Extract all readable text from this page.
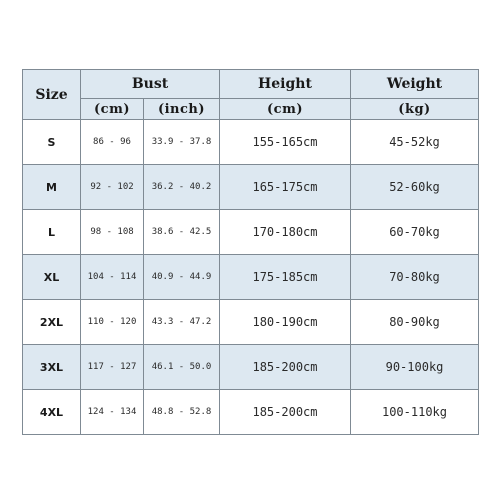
Size	Bust		Height	Weight
	(cm)	(inch)	(cm)	(kg)
S	86 - 96	33.9 - 37.8	155-165cm	45-52kg
M	92 - 102	36.2 - 40.2	165-175cm	52-60kg
L	98 - 108	38.6 - 42.5	170-180cm	60-70kg
XL	104 - 114	40.9 - 44.9	175-185cm	70-80kg
2XL	110 - 120	43.3 - 47.2	180-190cm	80-90kg
3XL	117 - 127	46.1 - 50.0	185-200cm	90-100kg
4XL	124 - 134	48.8 - 52.8	185-200cm	100-110kg
